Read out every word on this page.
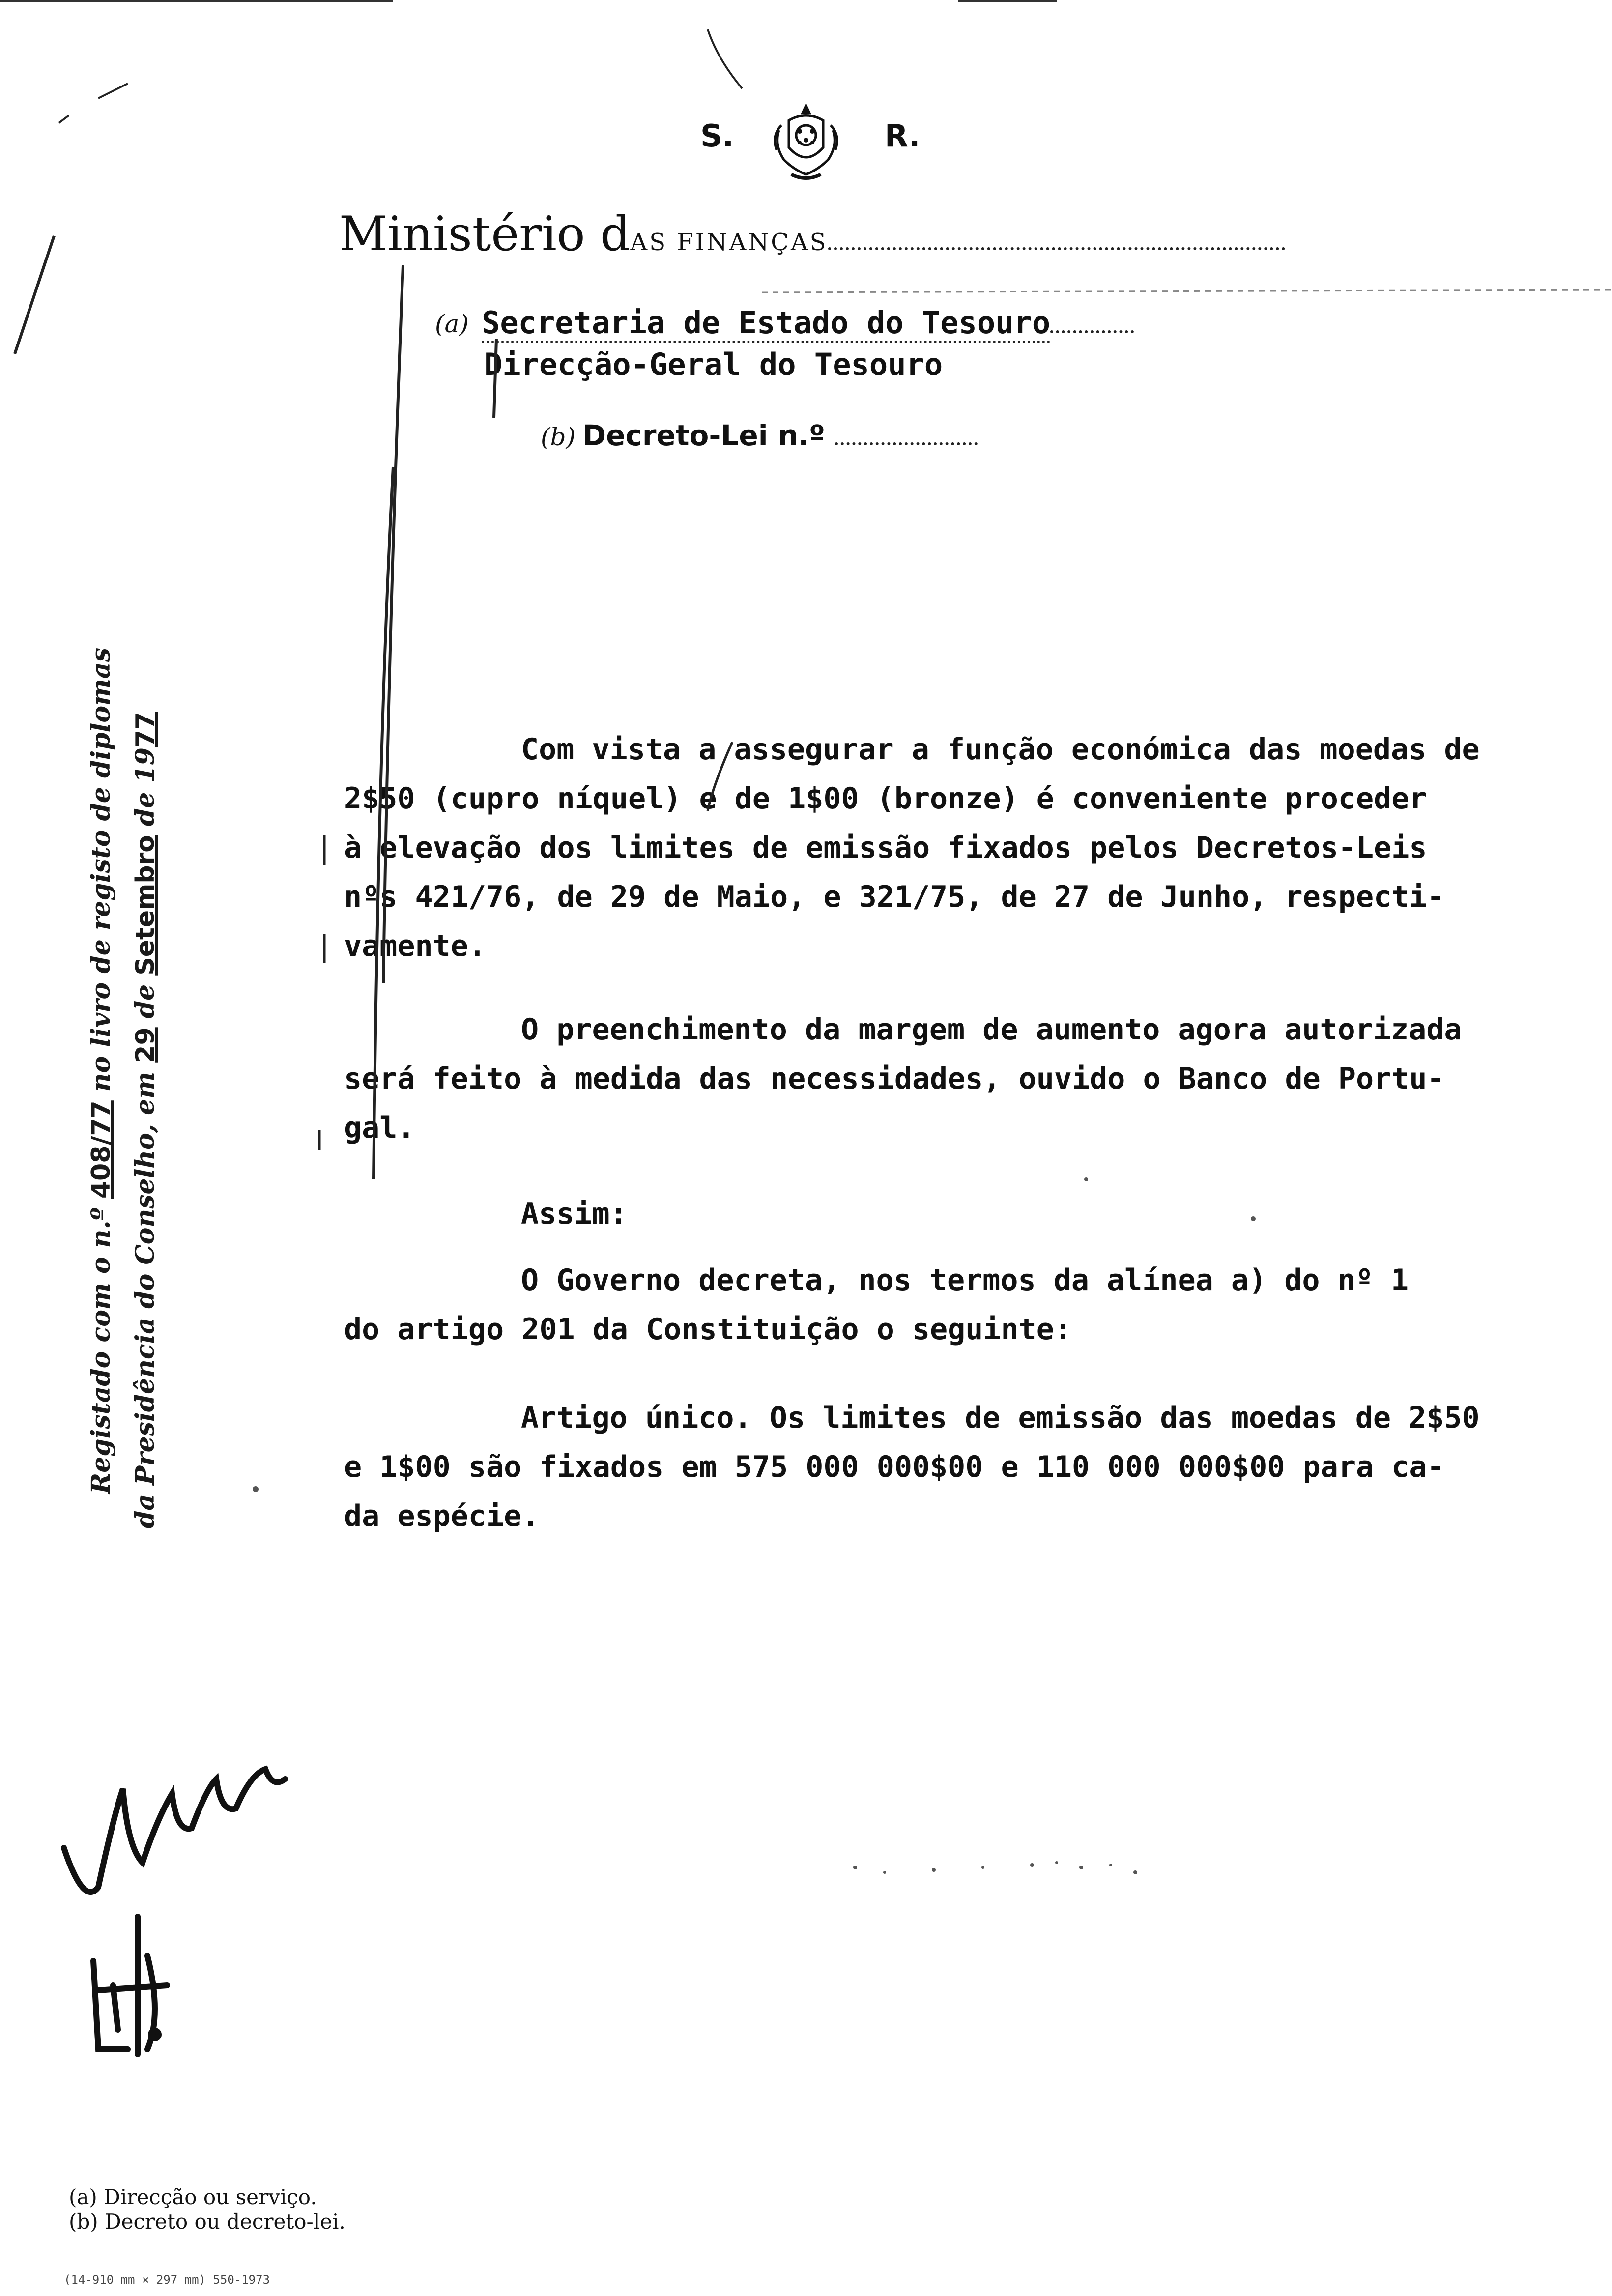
S.	R.
Ministério dAS FINANÇAS
(a) Secretaria de Estado do Tesouro
Direcção-Geral do Tesouro
(b) Decreto-Lei n.º
Com vista a assegurar a função económica das moedas de
2$50 (cupro níquel) e de 1$00 (bronze) é conveniente proceder
à elevação dos limites de emissão fixados pelos Decretos-Leis
nºs 421/76, de 29 de Maio, e 321/75, de 27 de Junho, respecti-
vamente.
O preenchimento da margem de aumento agora autorizada
será feito à medida das necessidades, ouvido o Banco de Portu-
gal.
Assim:
O Governo decreta, nos termos da alínea a) do nº 1
do artigo 201 da Constituição o seguinte:
Artigo único. Os limites de emissão das moedas de 2$50
e 1$00 são fixados em 575 000 000$00 e 110 000 000$00 para ca-
da espécie.
Registado com o n.º 408/77 no livro de registo de diplomas
da Presidência do Conselho, em 29 de Setembro de 1977
(a) Direcção ou serviço.
(b) Decreto ou decreto-lei.
(14-910 mm × 297 mm) 550-1973
